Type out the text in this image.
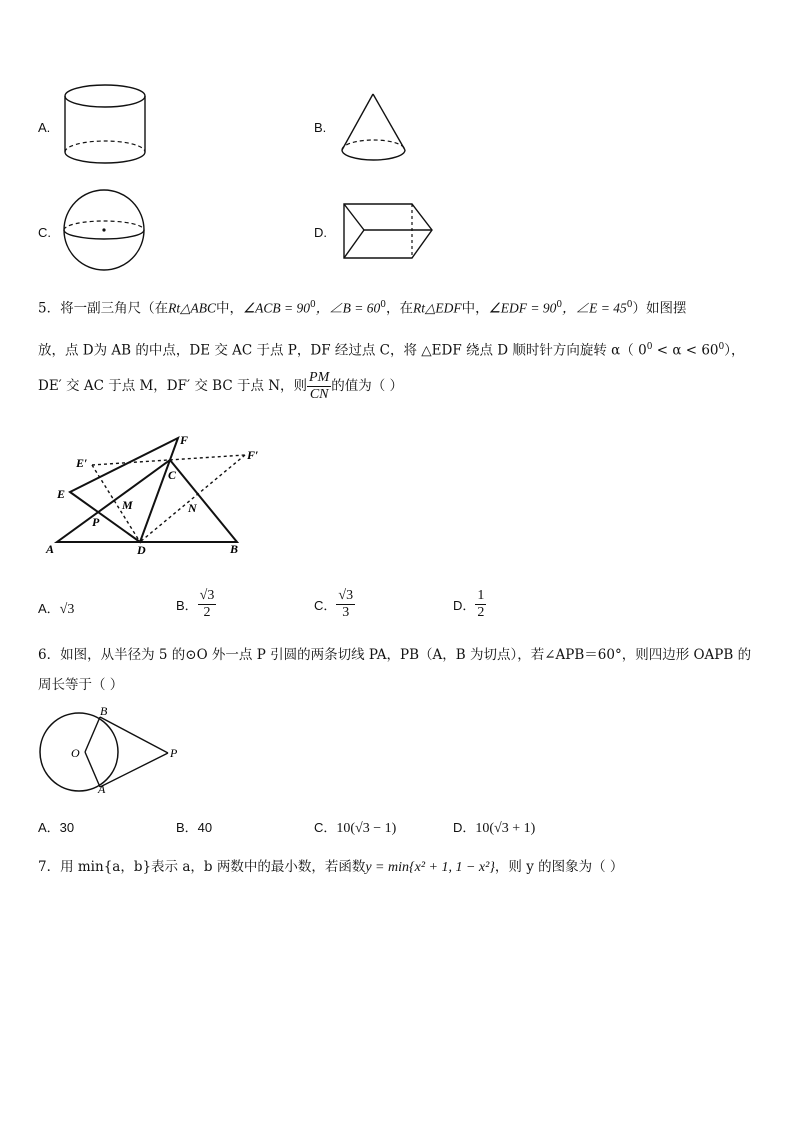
A.	B.
C.	D.
5．将一副三角尺（在Rt△ABC中，∠ACB = $90^0$，∠B = $60^0$，在Rt△EDF中，∠EDF = $90^0$，∠E = $45^0$）如图摆
放，点 D为 AB 的中点，DE 交 AC 于点 P，DF 经过点 C，将 △EDF 绕点 D 顺时针方向旋转 α（ $0^0 < \alpha < 60^0$），
DE′ 交 AC 于点 M，DF′ 交 BC 于点 N，则 $\frac{PM}{CN}$ 的值为（ ）
F
E′
F′
C
E
M	N
P
A	D	B
A．√3	B． $\frac{√3}{2}$	C． $\frac{√3}{3}$	D． $\frac{1}{2}$
6．如图，从半径为 5 的⊙O 外一点 P 引圆的两条切线 PA，PB（A，B 为切点），若∠APB＝60°，则四边形 OAPB 的
周长等于（ ）
B
O	P
A
A．30	B．40	C．10(√3 − 1)	D．10(√3 + 1)
7．用 min{a，b}表示 a，b 两数中的最小数，若函数y = min{x² + 1, 1 − x²}，则 y 的图象为（ ）
